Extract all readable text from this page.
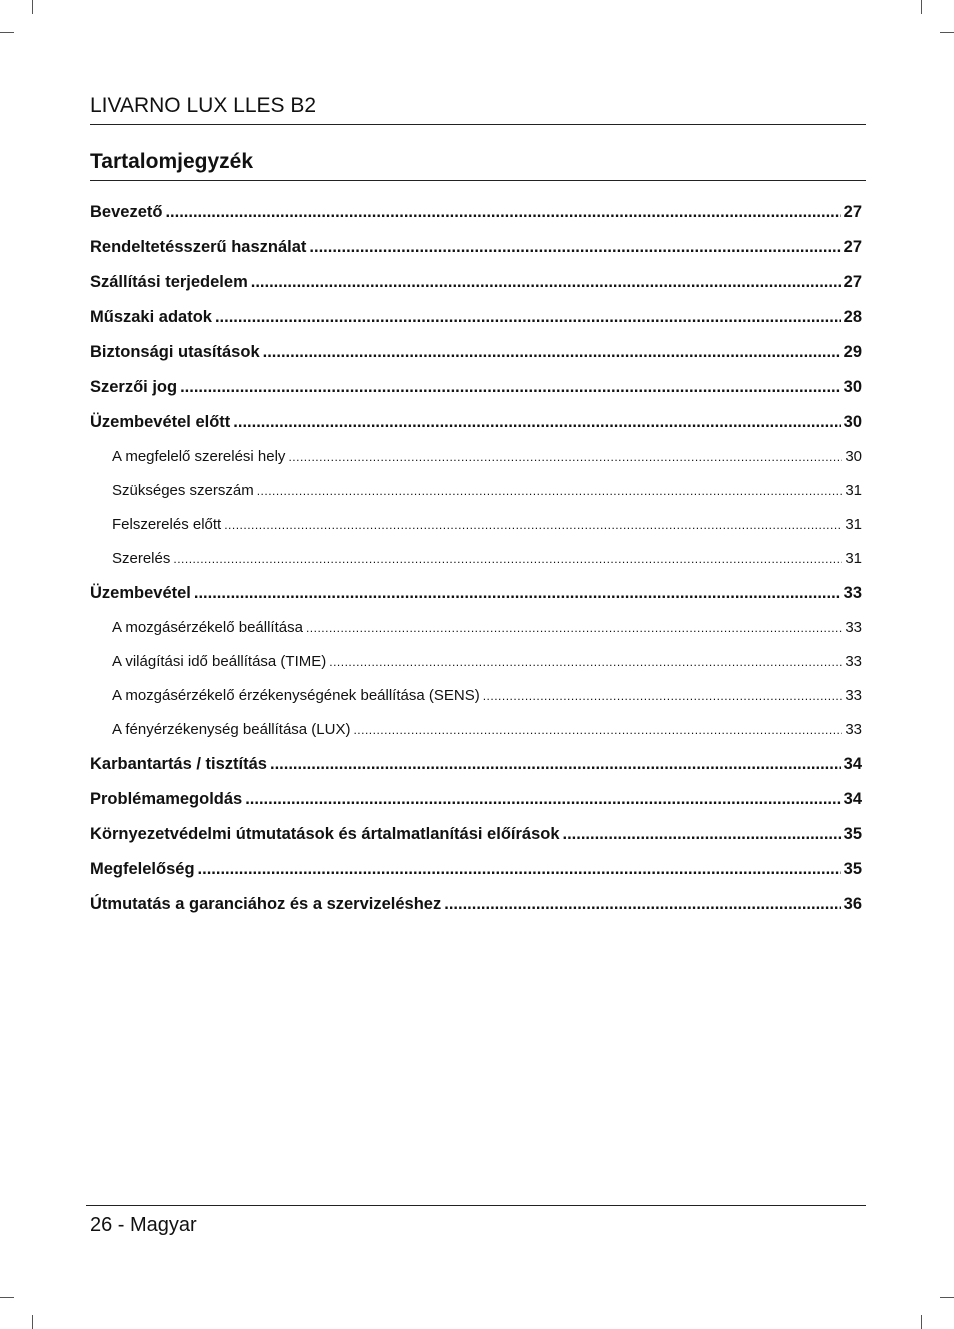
LIVARNO LUX LLES B2
Tartalomjegyzék
Bevezető .....	27
Rendeltetésszerű használat .....	27
Szállítási terjedelem .....	27
Műszaki adatok .....	28
Biztonsági utasítások .....	29
Szerzői jog .....	30
Üzembevétel előtt .....	30
A megfelelő szerelési hely .....	30
Szükséges szerszám .....	31
Felszerelés előtt .....	31
Szerelés .....	31
Üzembevétel .....	33
A mozgásérzékelő beállítása .....	33
A világítási idő beállítása (TIME) .....	33
A mozgásérzékelő érzékenységének beállítása (SENS) .....	33
A fényérzékenység beállítása (LUX) .....	33
Karbantartás / tisztítás .....	34
Problémamegoldás .....	34
Környezetvédelmi útmutatások és ártalmatlanítási előírások .....	35
Megfelelőség .....	35
Útmutatás a garanciához és a szervizeléshez .....	36
26 - Magyar
